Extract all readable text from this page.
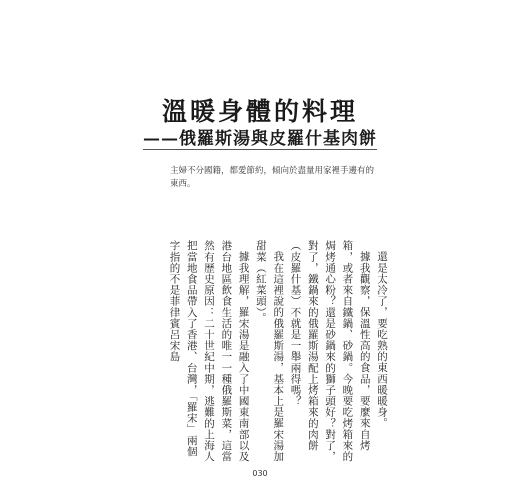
溫暖身體的料理
——俄羅斯湯與皮羅什基肉餅
主婦不分國籍，都愛節約，傾向於盡量用家裡手邊有的東西。

還是太冷了，要吃熟的東西暖暖身。

據我觀察，保溫性高的食品，要麼來自烤箱，或者來自鐵鍋、砂鍋。今晚要吃烤箱來的焗烤通心粉？還是砂鍋來的獅子頭好？對了，對了，鐵鍋來的俄羅斯湯配上烤箱來的肉餅（皮羅什基）不就是一舉兩得嗎？

我在這裡說的俄羅斯湯，基本上是羅宋湯加甜菜（紅菜頭）。

據我理解，羅宋湯是融入了中國東南部以及港台地區飲食生活的唯一一種俄羅斯菜，這當然有歷史原因：二十世紀中期，逃難的上海人把當地食品帶入了香港、台灣，「羅宋」兩個字指的不是菲律賓呂宋島

030
